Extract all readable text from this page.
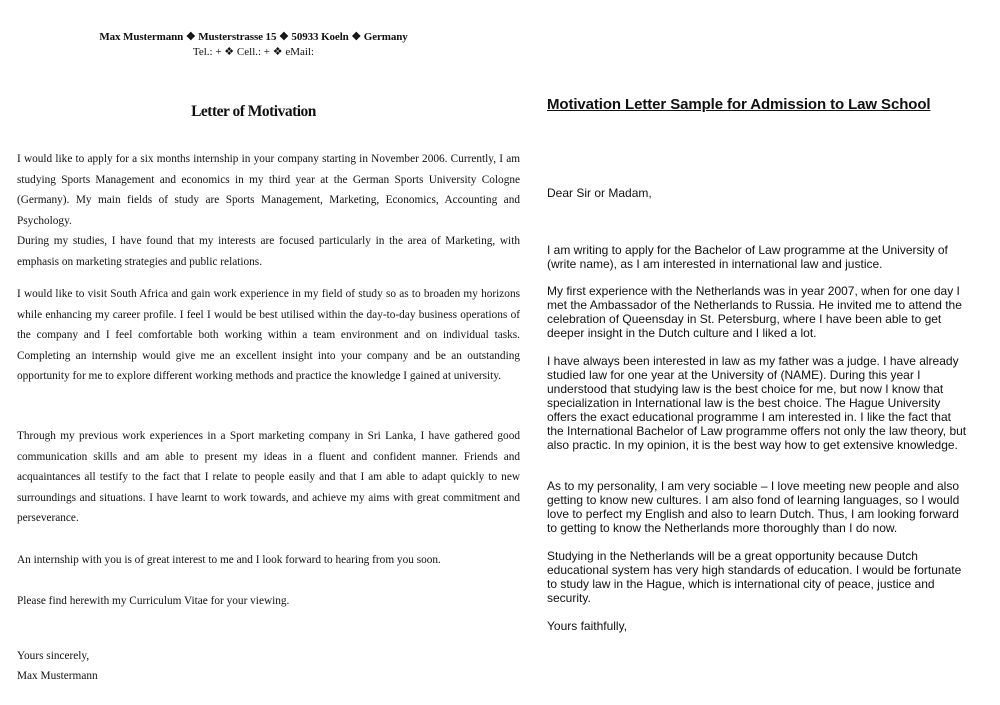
Max Mustermann ❖ Musterstrasse 15 ❖ 50933 Koeln ❖ Germany
Tel.: + ❖ Cell.: + ❖ eMail:
Letter of Motivation

I would like to apply for a six months internship in your company starting in November 2006. Currently, I am studying Sports Management and economics in my third year at the German Sports University Cologne (Germany). My main fields of study are Sports Management, Marketing, Economics, Accounting and Psychology.
During my studies, I have found that my interests are focused particularly in the area of Marketing, with emphasis on marketing strategies and public relations.

I would like to visit South Africa and gain work experience in my field of study so as to broaden my horizons while enhancing my career profile. I feel I would be best utilised within the day-to-day business operations of the company and I feel comfortable both working within a team environment and on individual tasks. Completing an internship would give me an excellent insight into your company and be an outstanding opportunity for me to explore different working methods and practice the knowledge I gained at university.

Through my previous work experiences in a Sport marketing company in Sri Lanka, I have gathered good communication skills and am able to present my ideas in a fluent and confident manner. Friends and acquaintances all testify to the fact that I relate to people easily and that I am able to adapt quickly to new surroundings and situations. I have learnt to work towards, and achieve my aims with great commitment and perseverance.

An internship with you is of great interest to me and I look forward to hearing from you soon.

Please find herewith my Curriculum Vitae for your viewing.

Yours sincerely,
Max Mustermann

Motivation Letter Sample for Admission to Law School

Dear Sir or Madam,

I am writing to apply for the Bachelor of Law programme at the University of (write name), as I am interested in international law and justice.

My first experience with the Netherlands was in year 2007, when for one day I met the Ambassador of the Netherlands to Russia. He invited me to attend the celebration of Queensday in St. Petersburg, where I have been able to get deeper insight in the Dutch culture and I liked a lot.

I have always been interested in law as my father was a judge. I have already studied law for one year at the University of (NAME). During this year I understood that studying law is the best choice for me, but now I know that specialization in International law is the best choice. The Hague University offers the exact educational programme I am interested in. I like the fact that the International Bachelor of Law programme offers not only the law theory, but also practic. In my opinion, it is the best way how to get extensive knowledge.

As to my personality, I am very sociable – I love meeting new people and also getting to know new cultures. I am also fond of learning languages, so I would love to perfect my English and also to learn Dutch. Thus, I am looking forward to getting to know the Netherlands more thoroughly than I do now.

Studying in the Netherlands will be a great opportunity because Dutch educational system has very high standards of education. I would be fortunate to study law in the Hague, which is international city of peace, justice and security.

Yours faithfully,
